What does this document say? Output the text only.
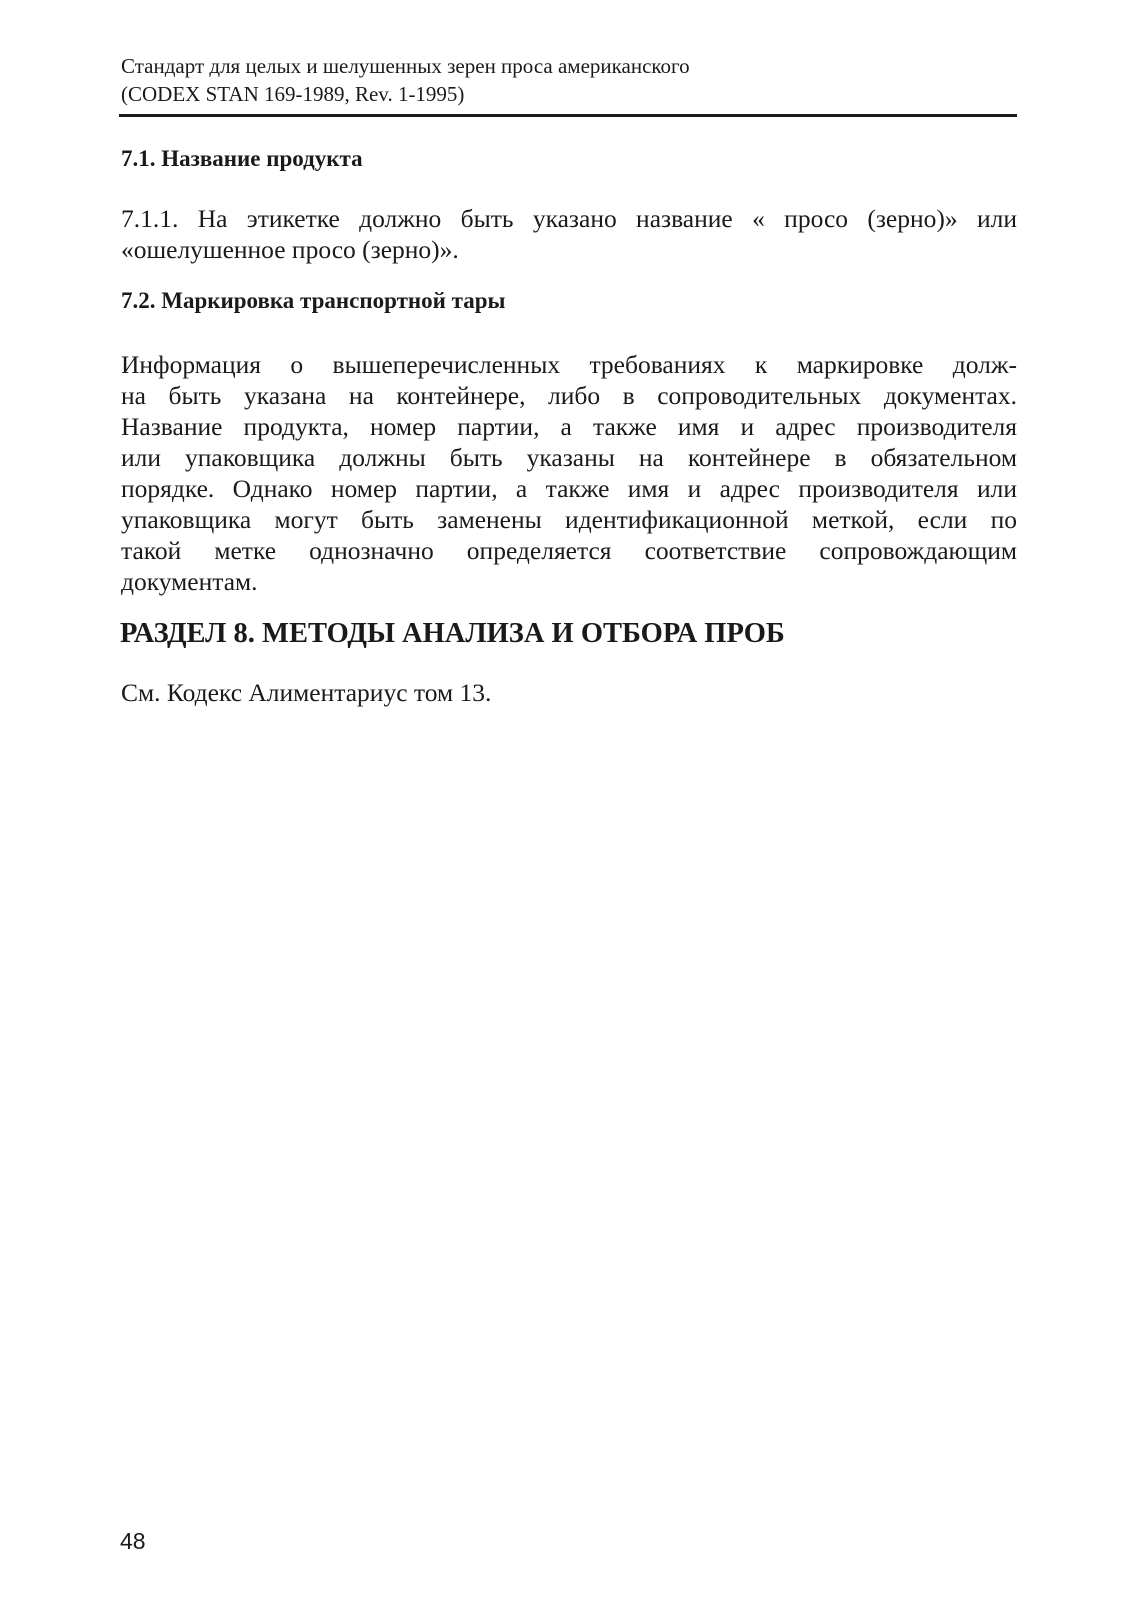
Стандарт для целых и шелушенных зерен проса американского
(CODEX STAN 169-1989, Rev. 1-1995)
7.1. Название продукта
7.1.1. На этикетке должно быть указано название « просо (зерно)» или
«ошелушенное просо (зерно)».
7.2. Маркировка транспортной тары
Информация о вышеперечисленных требованиях к маркировке долж-
на быть указана на контейнере, либо в сопроводительных документах.
Название продукта, номер партии, а также имя и адрес производителя
или упаковщика должны быть указаны на контейнере в обязательном
порядке. Однако номер партии, а также имя и адрес производителя или
упаковщика могут быть заменены идентификационной меткой, если по
такой метке однозначно определяется соответствие сопровождающим
документам.
РАЗДЕЛ 8. МЕТОДЫ АНАЛИЗА И ОТБОРА ПРОБ
См. Кодекс Алиментариус том 13.
48
